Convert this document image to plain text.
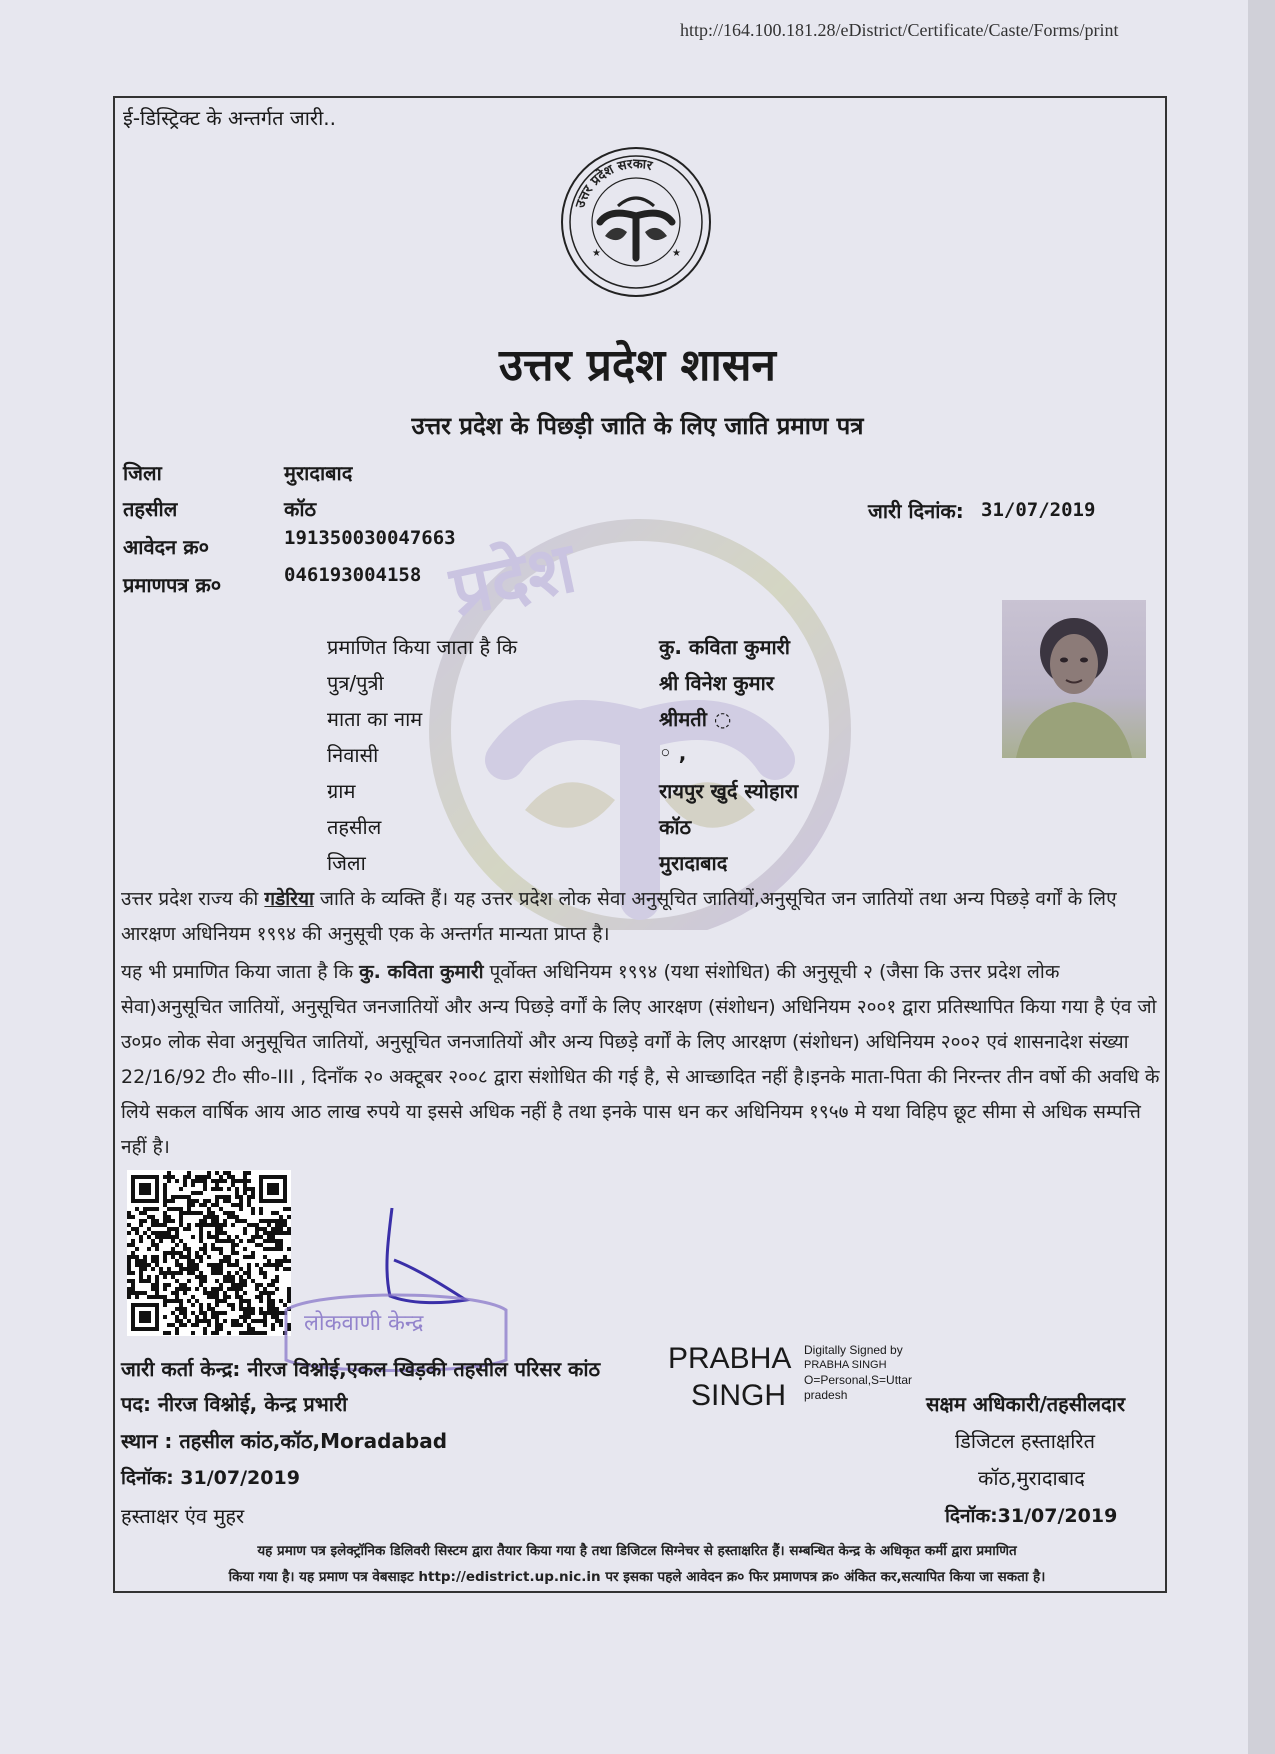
http://164.100.181.28/eDistrict/Certificate/Caste/Forms/print
ई-डिस्ट्रिक्ट के अन्तर्गत जारी..
उत्तर प्रदेश सरकार
★	★
उत्तर प्रदेश शासन
उत्तर प्रदेश के पिछड़ी जाति के लिए जाति प्रमाण पत्र
प्रदेश
जिला	मुरादाबाद
तहसील	कॉठ
आवेदन क्र०	191350030047663
प्रमाणपत्र क्र०	046193004158
जारी दिनांक: 31/07/2019
प्रमाणित किया जाता है कि	कु. कविता कुमारी
पुत्र/पुत्री	श्री विनेश कुमार
माता का नाम	श्रीमती ◌
निवासी	◦ ,
ग्राम	रायपुर खुर्द स्योहारा
तहसील	कॉठ
जिला	मुरादाबाद
उत्तर प्रदेश राज्य की गडेरिया जाति के व्यक्ति हैं। यह उत्तर प्रदेश लोक सेवा अनुसूचित जातियों,अनुसूचित जन जातियों तथा अन्य पिछड़े वर्गों के लिए आरक्षण अधिनियम १९९४ की अनुसूची एक के अन्तर्गत मान्यता प्राप्त है।
यह भी प्रमाणित किया जाता है कि कु. कविता कुमारी पूर्वोक्त अधिनियम १९९४ (यथा संशोधित) की अनुसूची २ (जैसा कि उत्तर प्रदेश लोक सेवा)अनुसूचित जातियों, अनुसूचित जनजातियों और अन्य पिछड़े वर्गों के लिए आरक्षण (संशोधन) अधिनियम २००१ द्वारा प्रतिस्थापित किया गया है एंव जो उ०प्र० लोक सेवा अनुसूचित जातियों, अनुसूचित जनजातियों और अन्य पिछड़े वर्गों के लिए आरक्षण (संशोधन) अधिनियम २००२ एवं शासनादेश संख्या 22/16/92 टी० सी०-III , दिनाँक २० अक्टूबर २००८ द्वारा संशोधित की गई है, से आच्छादित नहीं है।इनके माता-पिता की निरन्तर तीन वर्षो की अवधि के लिये सकल वार्षिक आय आठ लाख रुपये या इससे अधिक नहीं है तथा इनके पास धन कर अधिनियम १९५७ मे यथा विहिप छूट सीमा से अधिक सम्पत्ति नहीं है।
लोकवाणी केन्द्र
जारी कर्ता केन्द्र: नीरज विश्नोई,एकल खिड़की तहसील परिसर कांठ
पद: नीरज विश्नोई, केन्द्र प्रभारी
स्थान : तहसील कांठ,कॉठ,Moradabad
दिनॉक: 31/07/2019
हस्ताक्षर एंव मुहर
PRABHA
SINGH
Digitally Signed by
PRABHA SINGH
O=Personal,S=Uttar
pradesh	सक्षम अधिकारी/तहसीलदार
डिजिटल हस्ताक्षरित
कॉठ,मुरादाबाद
दिनॉक:31/07/2019
यह प्रमाण पत्र इलेक्ट्रॉनिक डिलिवरी सिस्टम द्वारा तैयार किया गया है तथा डिजिटल सिग्नेचर से हस्ताक्षरित हैं। सम्बन्धित केन्द्र के अधिकृत कर्मी द्वारा प्रमाणित
किया गया है। यह प्रमाण पत्र वेबसाइट http://edistrict.up.nic.in पर इसका पहले आवेदन क्र० फिर प्रमाणपत्र क्र० अंकित कर,सत्यापित किया जा सकता है।
